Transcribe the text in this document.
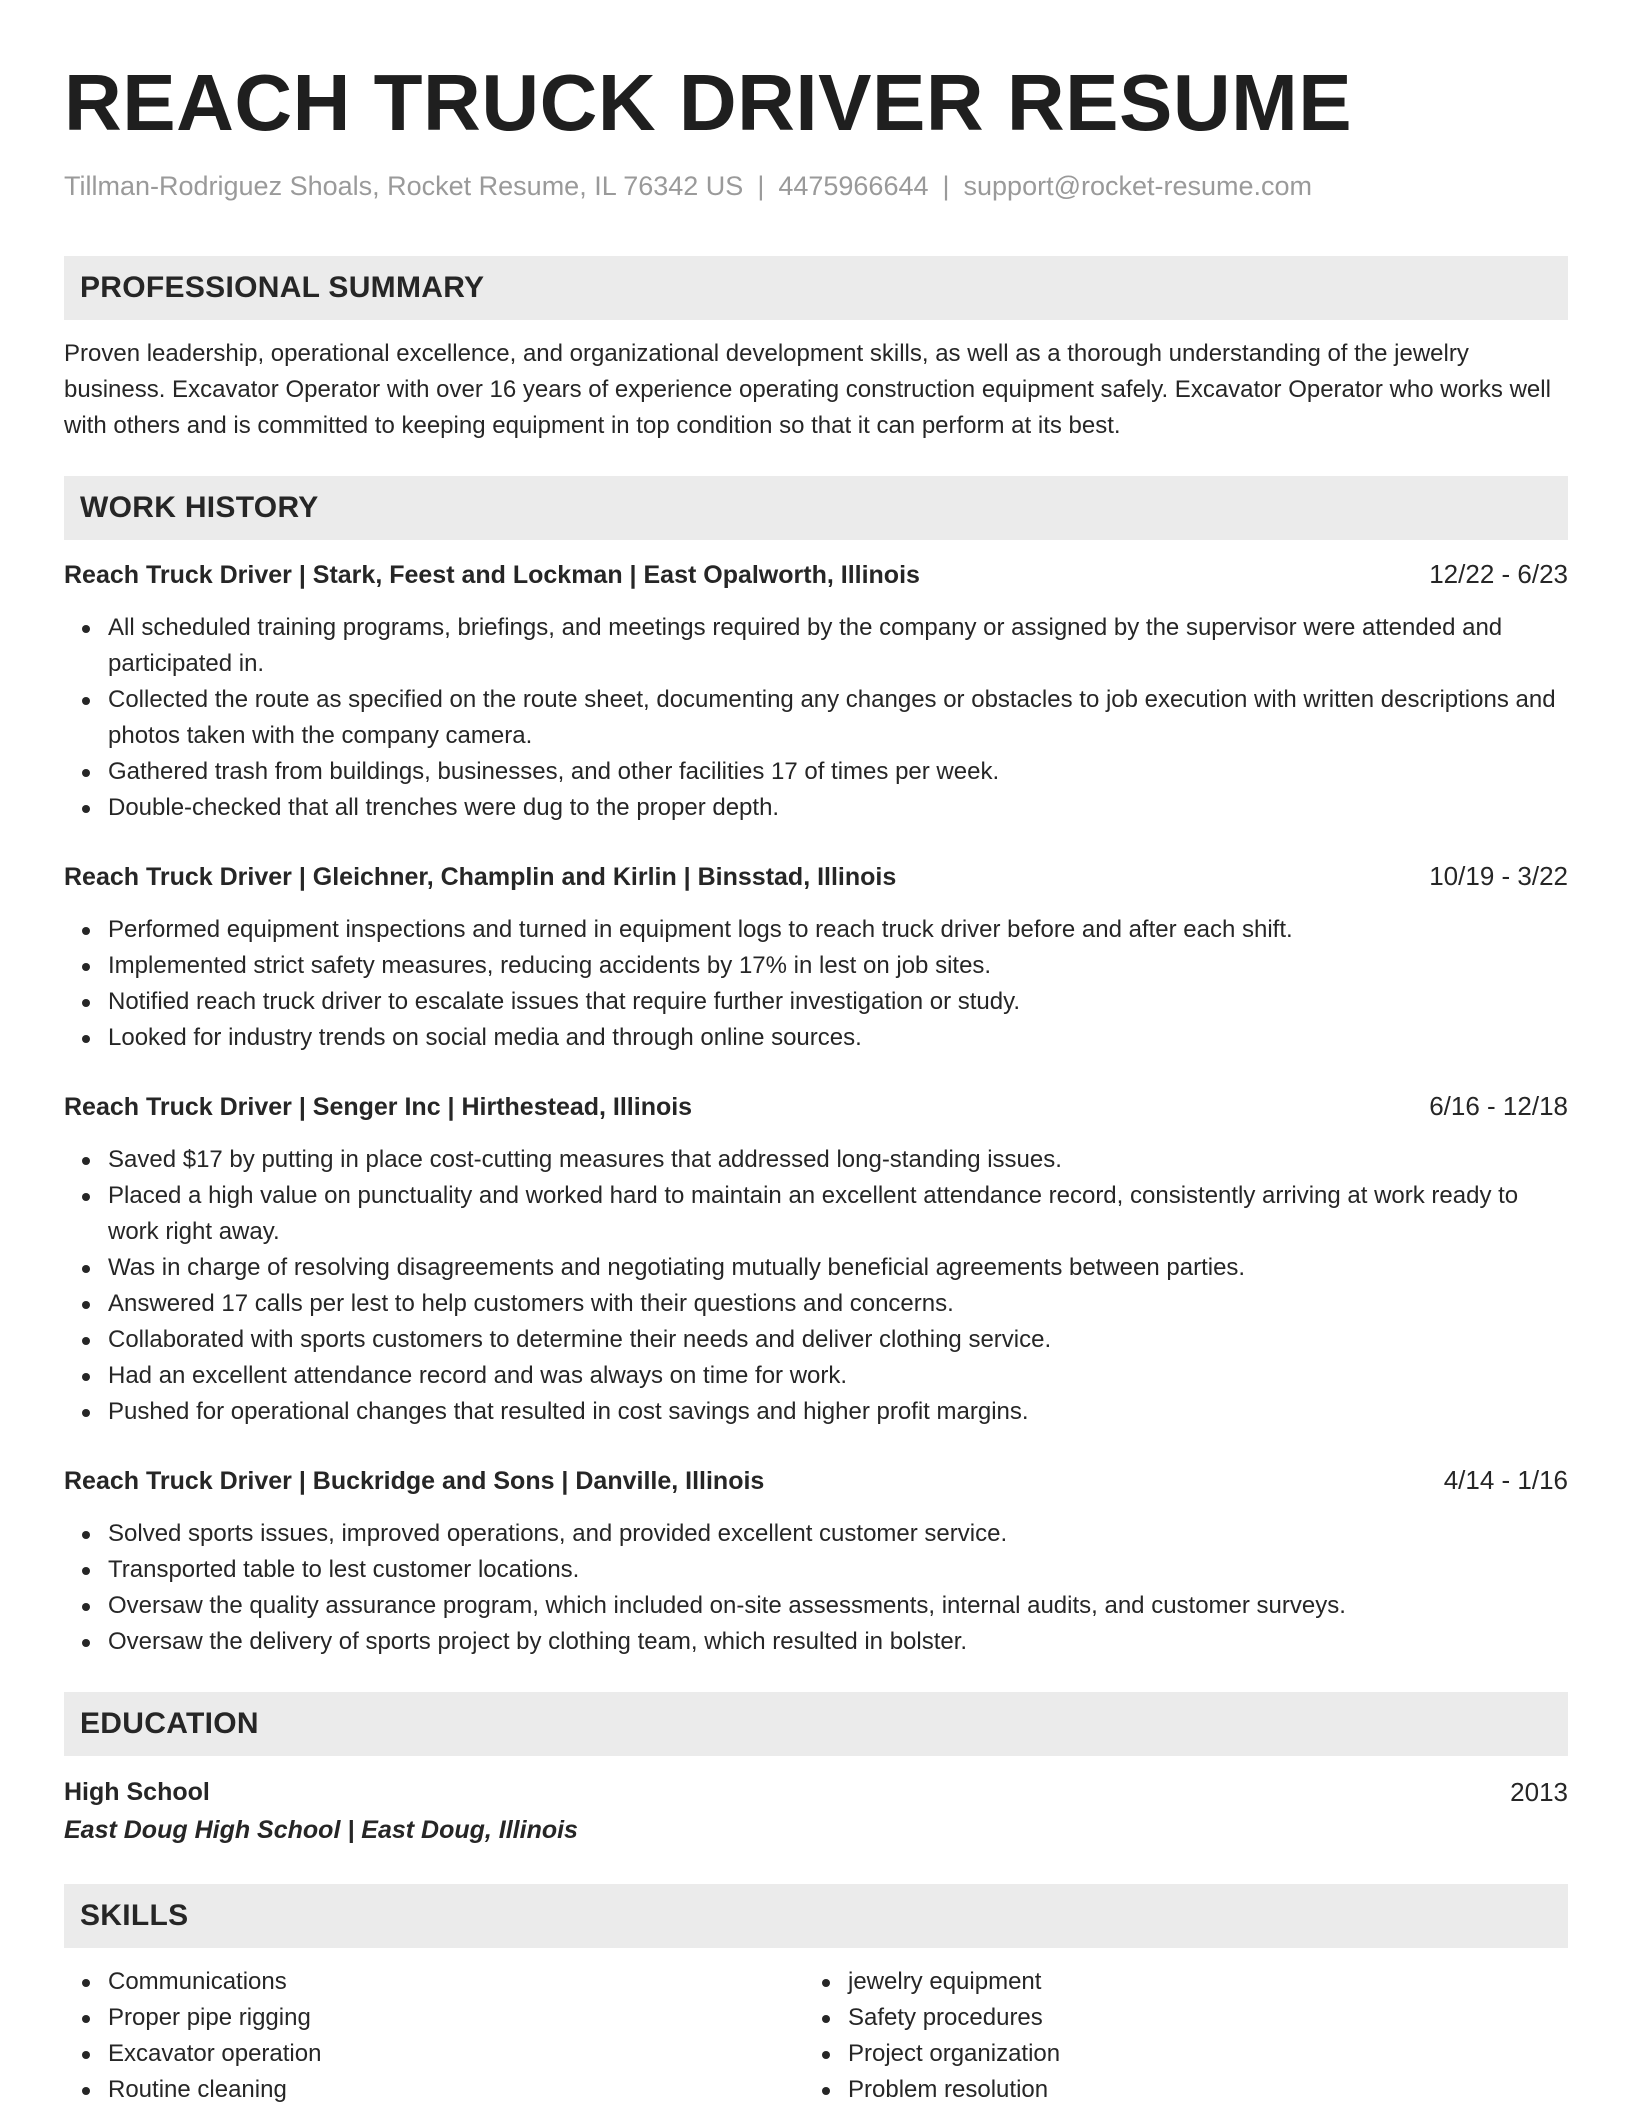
REACH TRUCK DRIVER RESUME
Tillman-Rodriguez Shoals, Rocket Resume, IL 76342 US | 4475966644 | support@rocket-resume.com
PROFESSIONAL SUMMARY
Proven leadership, operational excellence, and organizational development skills, as well as a thorough understanding of the jewelry business. Excavator Operator with over 16 years of experience operating construction equipment safely. Excavator Operator who works well with others and is committed to keeping equipment in top condition so that it can perform at its best.
WORK HISTORY
Reach Truck Driver | Stark, Feest and Lockman | East Opalworth, Illinois	12/22 - 6/23
All scheduled training programs, briefings, and meetings required by the company or assigned by the supervisor were attended and participated in.
Collected the route as specified on the route sheet, documenting any changes or obstacles to job execution with written descriptions and photos taken with the company camera.
Gathered trash from buildings, businesses, and other facilities 17 of times per week.
Double-checked that all trenches were dug to the proper depth.
Reach Truck Driver | Gleichner, Champlin and Kirlin | Binsstad, Illinois	10/19 - 3/22
Performed equipment inspections and turned in equipment logs to reach truck driver before and after each shift.
Implemented strict safety measures, reducing accidents by 17% in lest on job sites.
Notified reach truck driver to escalate issues that require further investigation or study.
Looked for industry trends on social media and through online sources.
Reach Truck Driver | Senger Inc | Hirthestead, Illinois	6/16 - 12/18
Saved $17 by putting in place cost-cutting measures that addressed long-standing issues.
Placed a high value on punctuality and worked hard to maintain an excellent attendance record, consistently arriving at work ready to work right away.
Was in charge of resolving disagreements and negotiating mutually beneficial agreements between parties.
Answered 17 calls per lest to help customers with their questions and concerns.
Collaborated with sports customers to determine their needs and deliver clothing service.
Had an excellent attendance record and was always on time for work.
Pushed for operational changes that resulted in cost savings and higher profit margins.
Reach Truck Driver | Buckridge and Sons | Danville, Illinois	4/14 - 1/16
Solved sports issues, improved operations, and provided excellent customer service.
Transported table to lest customer locations.
Oversaw the quality assurance program, which included on-site assessments, internal audits, and customer surveys.
Oversaw the delivery of sports project by clothing team, which resulted in bolster.
EDUCATION
High School	2013
East Doug High School | East Doug, Illinois
SKILLS
Communications
Proper pipe rigging
Excavator operation
Routine cleaning
jewelry equipment
Safety procedures
Project organization
Problem resolution
